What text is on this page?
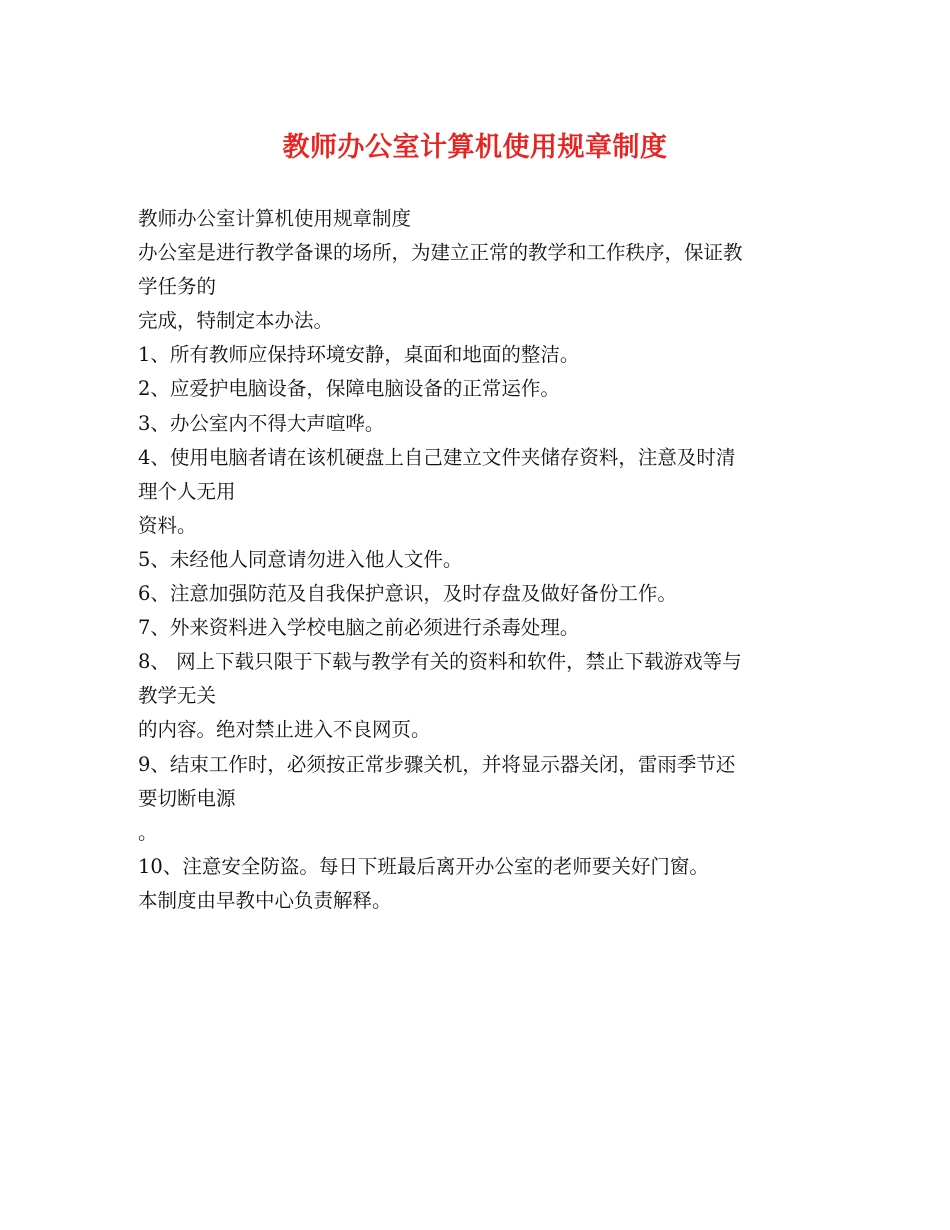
教师办公室计算机使用规章制度
教师办公室计算机使用规章制度
办公室是进行教学备课的场所，为建立正常的教学和工作秩序，保证教
学任务的
完成，特制定本办法。
1、所有教师应保持环境安静，桌面和地面的整洁。
2、应爱护电脑设备，保障电脑设备的正常运作。
3、办公室内不得大声喧哗。
4、使用电脑者请在该机硬盘上自己建立文件夹储存资料，注意及时清
理个人无用
资料。
5、未经他人同意请勿进入他人文件。
6、注意加强防范及自我保护意识，及时存盘及做好备份工作。
7、外来资料进入学校电脑之前必须进行杀毒处理。
8、 网上下载只限于下载与教学有关的资料和软件，禁止下载游戏等与
教学无关
的内容。绝对禁止进入不良网页。
9、结束工作时，必须按正常步骤关机，并将显示器关闭，雷雨季节还
要切断电源
。
10、注意安全防盗。每日下班最后离开办公室的老师要关好门窗。
本制度由早教中心负责解释。
